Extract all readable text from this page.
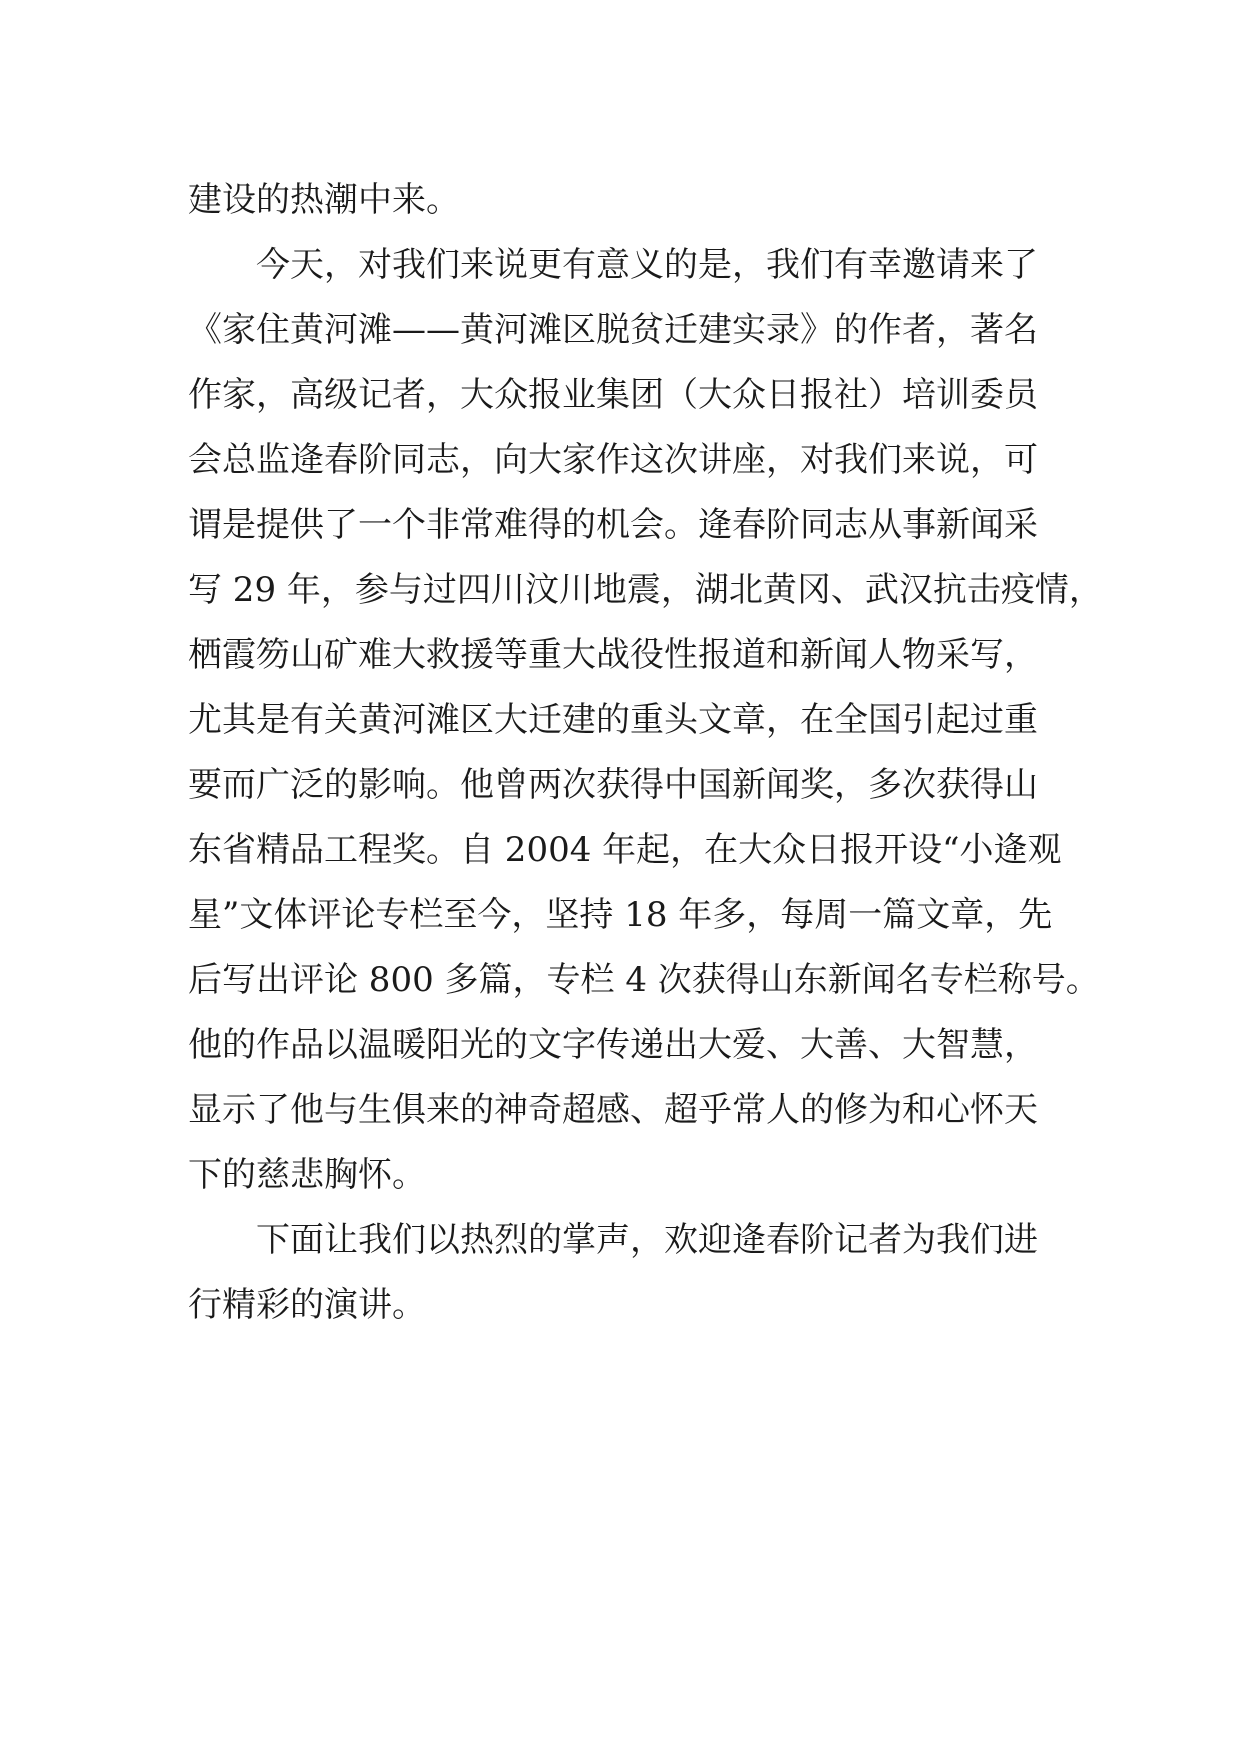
建设的热潮中来。
今天，对我们来说更有意义的是，我们有幸邀请来了
《家住黄河滩——黄河滩区脱贫迁建实录》的作者，著名
作家，高级记者，大众报业集团（大众日报社）培训委员
会总监逄春阶同志，向大家作这次讲座，对我们来说，可
谓是提供了一个非常难得的机会。逄春阶同志从事新闻采
写 29 年，参与过四川汶川地震，湖北黄冈、武汉抗击疫情，
栖霞笏山矿难大救援等重大战役性报道和新闻人物采写，
尤其是有关黄河滩区大迁建的重头文章，在全国引起过重
要而广泛的影响。他曾两次获得中国新闻奖，多次获得山
东省精品工程奖。自 2004 年起，在大众日报开设“小逄观
星”文体评论专栏至今，坚持 18 年多，每周一篇文章，先
后写出评论 800 多篇，专栏 4 次获得山东新闻名专栏称号。
他的作品以温暖阳光的文字传递出大爱、大善、大智慧，
显示了他与生俱来的神奇超感、超乎常人的修为和心怀天
下的慈悲胸怀。
下面让我们以热烈的掌声，欢迎逄春阶记者为我们进
行精彩的演讲。
